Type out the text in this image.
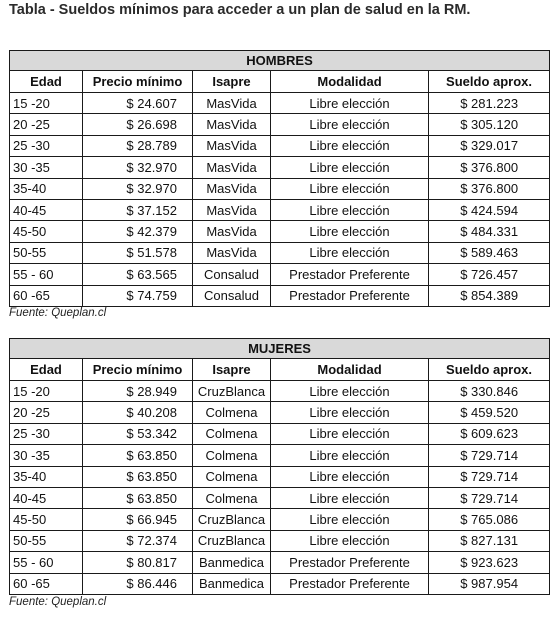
Tabla - Sueldos mínimos para acceder a un plan de salud en la RM.
HOMBRES				
Edad	Precio mínimo	Isapre	Modalidad	Sueldo aprox.
15 -20	$ 24.607	MasVida	Libre elección	$ 281.223
20 -25	$ 26.698	MasVida	Libre elección	$ 305.120
25 -30	$ 28.789	MasVida	Libre elección	$ 329.017
30 -35	$ 32.970	MasVida	Libre elección	$ 376.800
35-40	$ 32.970	MasVida	Libre elección	$ 376.800
40-45	$ 37.152	MasVida	Libre elección	$ 424.594
45-50	$ 42.379	MasVida	Libre elección	$ 484.331
50-55	$ 51.578	MasVida	Libre elección	$ 589.463
55 - 60	$ 63.565	Consalud	Prestador Preferente	$ 726.457
60 -65	$ 74.759	Consalud	Prestador Preferente	$ 854.389
Fuente: Queplan.cl
MUJERES				
Edad	Precio mínimo	Isapre	Modalidad	Sueldo aprox.
15 -20	$ 28.949	CruzBlanca	Libre elección	$ 330.846
20 -25	$ 40.208	Colmena	Libre elección	$ 459.520
25 -30	$ 53.342	Colmena	Libre elección	$ 609.623
30 -35	$ 63.850	Colmena	Libre elección	$ 729.714
35-40	$ 63.850	Colmena	Libre elección	$ 729.714
40-45	$ 63.850	Colmena	Libre elección	$ 729.714
45-50	$ 66.945	CruzBlanca	Libre elección	$ 765.086
50-55	$ 72.374	CruzBlanca	Libre elección	$ 827.131
55 - 60	$ 80.817	Banmedica	Prestador Preferente	$ 923.623
60 -65	$ 86.446	Banmedica	Prestador Preferente	$ 987.954
Fuente: Queplan.cl
